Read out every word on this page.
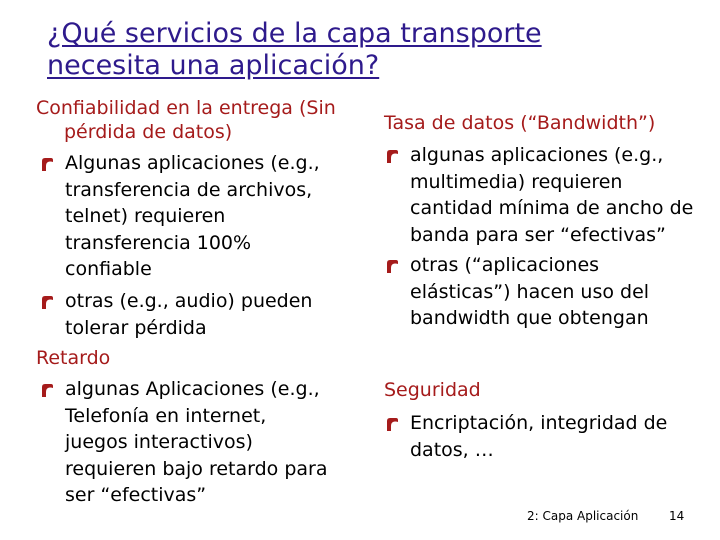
¿Qué servicios de la capa transporte
necesita una aplicación?
Confiabilidad en la entrega (Sin
pérdida de datos)
Algunas aplicaciones (e.g.,
transferencia de archivos,
telnet) requieren
transferencia 100%
confiable
otras (e.g., audio) pueden
tolerar pérdida
Retardo
algunas Aplicaciones (e.g.,
Telefonía en internet,
juegos interactivos)
requieren bajo retardo para
ser “efectivas”
Tasa de datos (“Bandwidth”)
algunas aplicaciones (e.g.,
multimedia) requieren
cantidad mínima de ancho de
banda para ser “efectivas”
otras (“aplicaciones
elásticas”) hacen uso del
bandwidth que obtengan
Seguridad
Encriptación, integridad de
datos, …
2: Capa Aplicación	14
